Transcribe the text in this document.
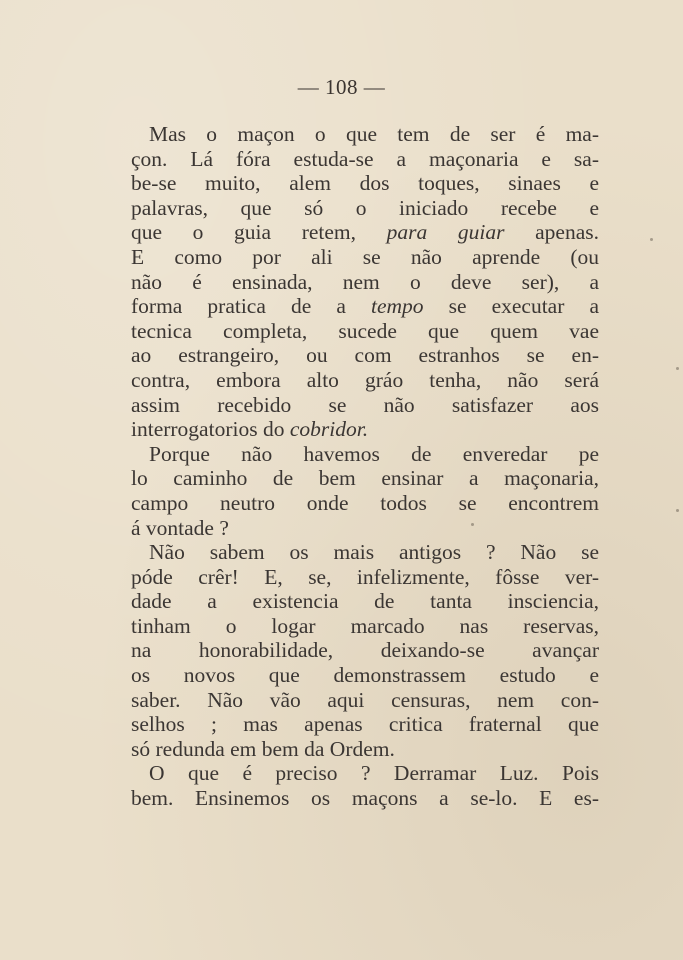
— 108 —
Mas o maçon o que tem de ser é ma-
çon. Lá fóra estuda-se a maçonaria e sa-
be-se muito, alem dos toques, sinaes e
palavras, que só o iniciado recebe e
que o guia retem, para guiar apenas.
E como por ali se não aprende (ou
não é ensinada, nem o deve ser), a
forma pratica de a tempo se executar a
tecnica completa, sucede que quem vae
ao estrangeiro, ou com estranhos se en-
contra, embora alto gráo tenha, não será
assim recebido se não satisfazer aos
interrogatorios do cobridor.
Porque não havemos de enveredar pe
lo caminho de bem ensinar a maçonaria,
campo neutro onde todos se encontrem
á vontade ?
Não sabem os mais antigos ? Não se
póde crêr! E, se, infelizmente, fôsse ver-
dade a existencia de tanta insciencia,
tinham o logar marcado nas reservas,
na honorabilidade, deixando-se avançar
os novos que demonstrassem estudo e
saber. Não vão aqui censuras, nem con-
selhos ; mas apenas critica fraternal que
só redunda em bem da Ordem.
O que é preciso ? Derramar Luz. Pois
bem. Ensinemos os maçons a se-lo. E es-
